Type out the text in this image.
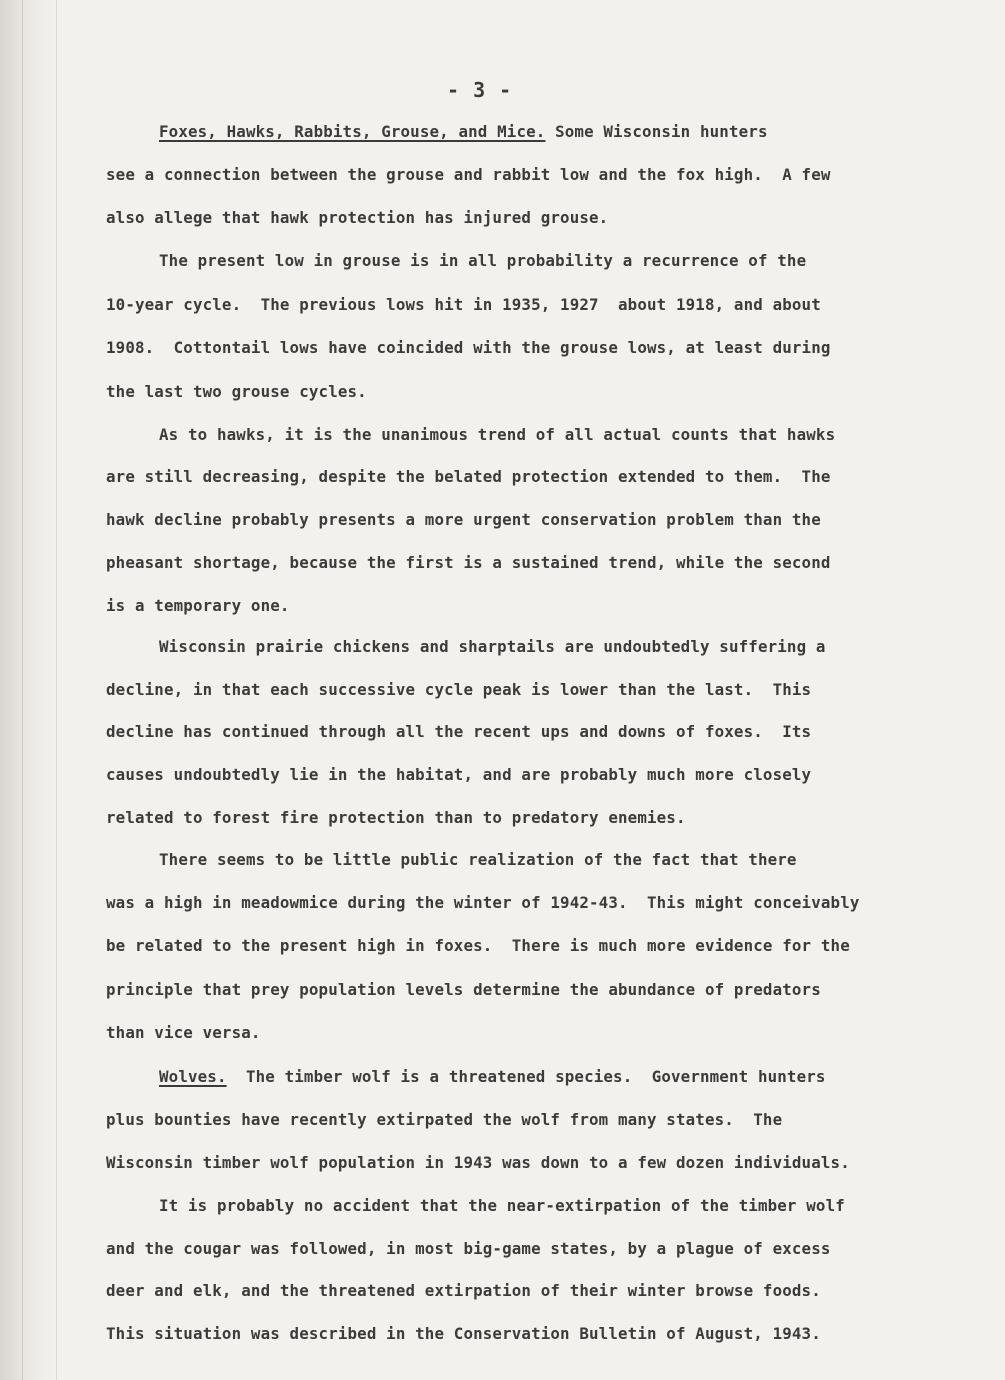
- 3 -
Foxes, Hawks, Rabbits, Grouse, and Mice. Some Wisconsin hunters
see a connection between the grouse and rabbit low and the fox high.  A few
also allege that hawk protection has injured grouse.
The present low in grouse is in all probability a recurrence of the
10-year cycle.  The previous lows hit in 1935, 1927  about 1918, and about
1908.  Cottontail lows have coincided with the grouse lows, at least during
the last two grouse cycles.
As to hawks, it is the unanimous trend of all actual counts that hawks
are still decreasing, despite the belated protection extended to them.  The
hawk decline probably presents a more urgent conservation problem than the
pheasant shortage, because the first is a sustained trend, while the second
is a temporary one.
Wisconsin prairie chickens and sharptails are undoubtedly suffering a
decline, in that each successive cycle peak is lower than the last.  This
decline has continued through all the recent ups and downs of foxes.  Its
causes undoubtedly lie in the habitat, and are probably much more closely
related to forest fire protection than to predatory enemies.
There seems to be little public realization of the fact that there
was a high in meadowmice during the winter of 1942-43.  This might conceivably
be related to the present high in foxes.  There is much more evidence for the
principle that prey population levels determine the abundance of predators
than vice versa.
Wolves.  The timber wolf is a threatened species.  Government hunters
plus bounties have recently extirpated the wolf from many states.  The
Wisconsin timber wolf population in 1943 was down to a few dozen individuals.
It is probably no accident that the near-extirpation of the timber wolf
and the cougar was followed, in most big-game states, by a plague of excess
deer and elk, and the threatened extirpation of their winter browse foods.
This situation was described in the Conservation Bulletin of August, 1943.
